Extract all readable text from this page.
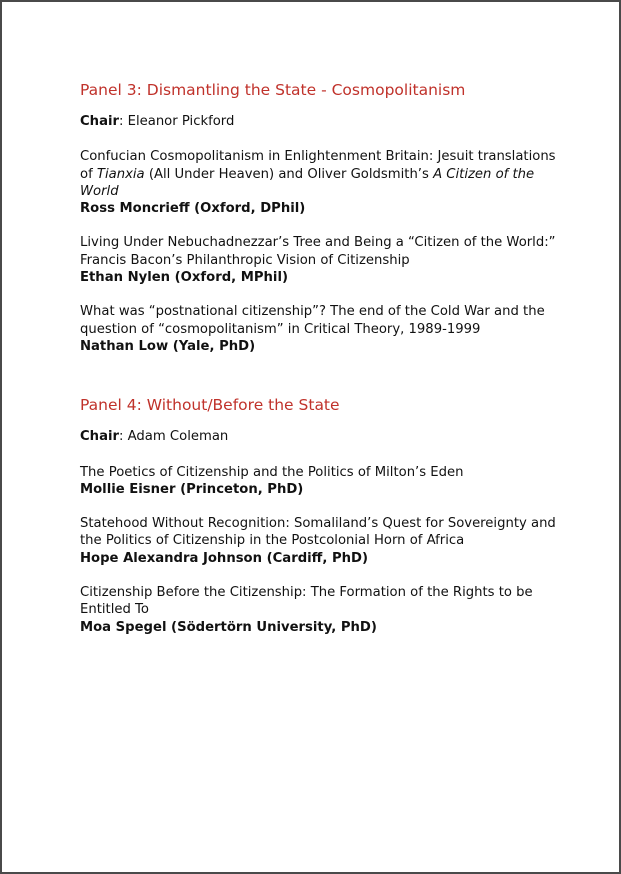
Panel 3: Dismantling the State - Cosmopolitanism
Chair: Eleanor Pickford
Confucian Cosmopolitanism in Enlightenment Britain: Jesuit translations of Tianxia (All Under Heaven) and Oliver Goldsmith’s A Citizen of the World
Ross Moncrieff (Oxford, DPhil)
Living Under Nebuchadnezzar’s Tree and Being a “Citizen of the World:” Francis Bacon’s Philanthropic Vision of Citizenship
Ethan Nylen (Oxford, MPhil)
What was “postnational citizenship”? The end of the Cold War and the question of “cosmopolitanism” in Critical Theory, 1989-1999
Nathan Low (Yale, PhD)
Panel 4: Without/Before the State
Chair: Adam Coleman
The Poetics of Citizenship and the Politics of Milton’s Eden
Mollie Eisner (Princeton, PhD)
Statehood Without Recognition: Somaliland’s Quest for Sovereignty and the Politics of Citizenship in the Postcolonial Horn of Africa
Hope Alexandra Johnson (Cardiff, PhD)
Citizenship Before the Citizenship: The Formation of the Rights to be Entitled To
Moa Spegel (Södertörn University, PhD)
